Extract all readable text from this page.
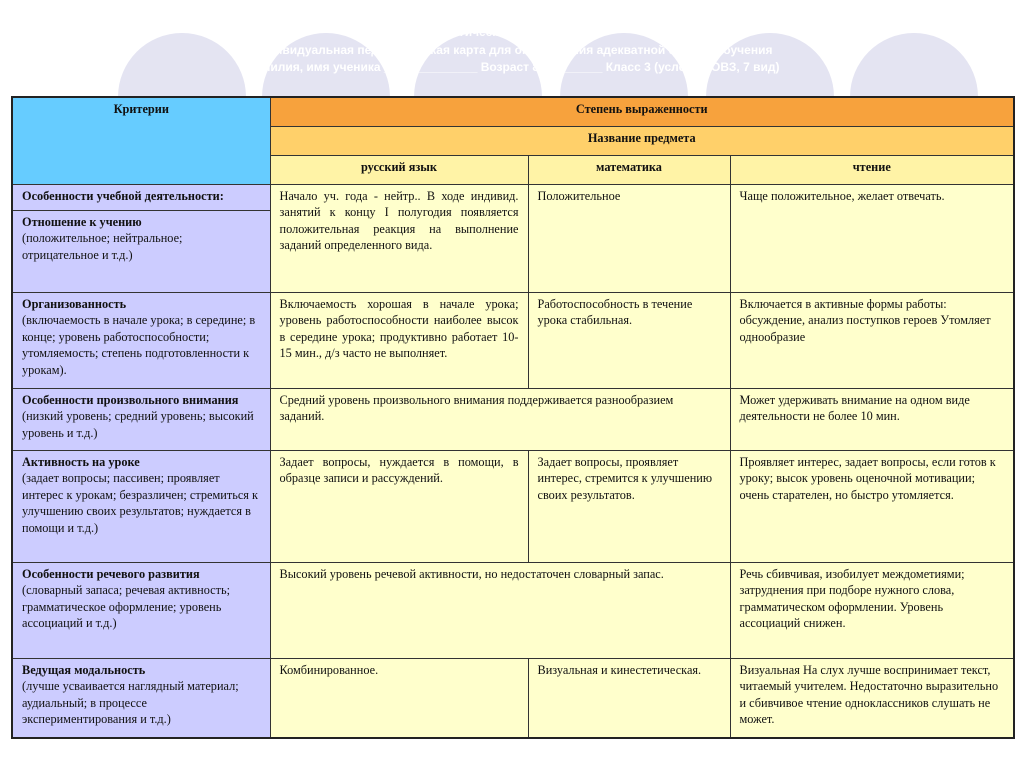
Педагогическое представление
Индивидуальная педагогическая карта для определения адекватной формы обучения
Фамилия, имя ученика ______________ Возраст 8 _________ Класс 3 (условия ОВЗ, 7 вид)
Критерии	Степень выраженности		
	Название предмета		
	русский язык	математика	чтение
Особенности учебной деятельности:	Начало уч. года - нейтр.. В ходе индивид. занятий к концу I полугодия появляется положительная реакция на выполнение заданий определенного вида.	Положительное	Чаще положительное, желает отвечать.
Отношение к учению
(положительное; нейтральное; отрицательное и т.д.)			
Организованность
(включаемость в начале урока; в середине; в конце; уровень работоспособности; утомляемость; степень подготовленности к урокам).	Включаемость хорошая в начале урока; уровень работоспособности наиболее высок в середине урока; продуктивно работает 10-15 мин., д/з часто не выполняет.	Работоспособность в течение урока стабильная.	Включается в активные формы работы: обсуждение, анализ поступков героев Утомляет однообразие
Особенности произвольного внимания (низкий уровень; средний уровень; высокий уровень и т.д.)	Средний уровень произвольного внимания поддерживается разнообразием заданий.		Может удерживать внимание на одном виде деятельности не более 10 мин.
Активность на уроке
(задает вопросы; пассивен; проявляет интерес к урокам; безразличен; стремиться к улучшению своих результатов; нуждается в помощи и т.д.)	Задает вопросы, нуждается в помощи, в образце записи и рассуждений.	Задает вопросы, проявляет интерес, стремится к улучшению своих результатов.	Проявляет интерес, задает вопросы, если готов к уроку; высок уровень оценочной мотивации; очень старателен, но быстро утомляется.
Особенности речевого развития
(словарный запаса; речевая активность; грамматическое оформление; уровень ассоциаций и т.д.)	Высокий уровень речевой активности, но недостаточен словарный запас.		Речь сбивчивая, изобилует междометиями; затруднения при подборе нужного слова, грамматическом оформлении. Уровень ассоциаций снижен.
Ведущая модальность
(лучше усваивается наглядный материал; аудиальный; в процессе экспериментирования и т.д.)	Комбинированное.	Визуальная и кинестетическая.	Визуальная На слух лучше воспринимает текст, читаемый учителем. Недостаточно выразительно и сбивчивое чтение одноклассников слушать не может.
